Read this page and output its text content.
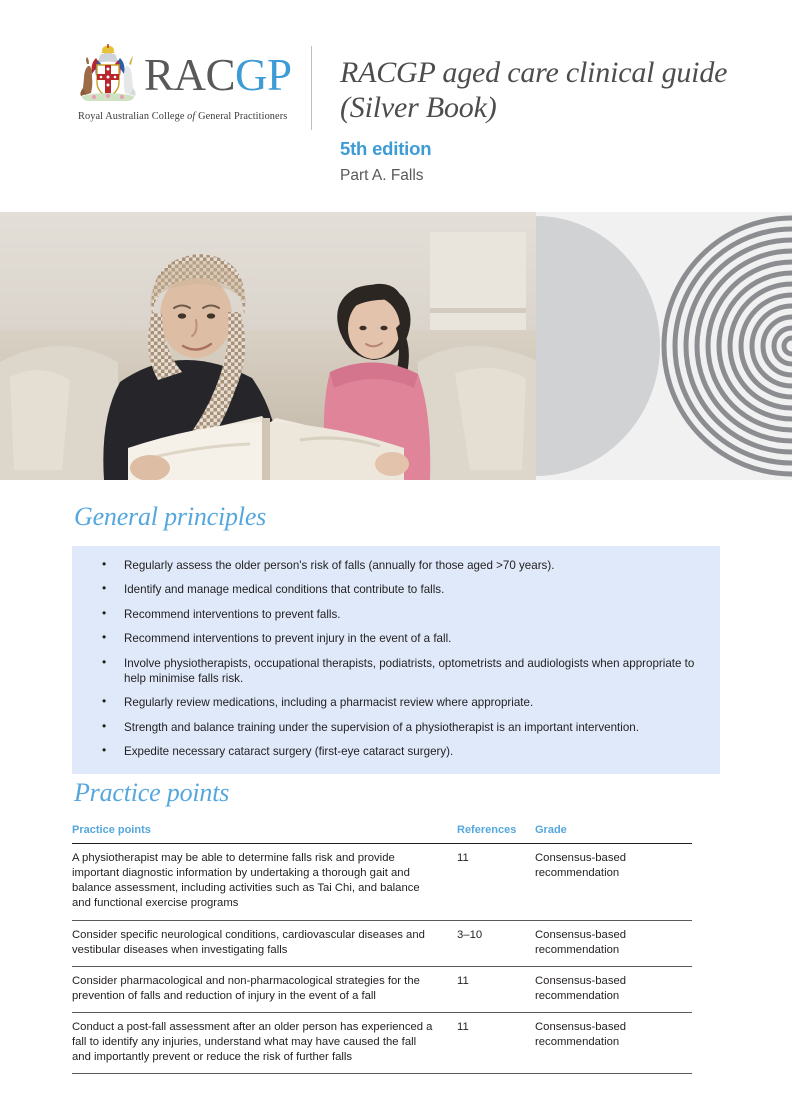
RACGP
Royal Australian College of General Practitioners
RACGP aged care clinical guide (Silver Book)
5th edition
Part A. Falls
General principles
• Regularly assess the older person's risk of falls (annually for those aged >70 years).
• Identify and manage medical conditions that contribute to falls.
• Recommend interventions to prevent falls.
• Recommend interventions to prevent injury in the event of a fall.
• Involve physiotherapists, occupational therapists, podiatrists, optometrists and audiologists when appropriate to help minimise falls risk.
• Regularly review medications, including a pharmacist review where appropriate.
• Strength and balance training under the supervision of a physiotherapist is an important intervention.
• Expedite necessary cataract surgery (first-eye cataract surgery).
Practice points
Practice points	References	Grade
A physiotherapist may be able to determine falls risk and provide important diagnostic information by undertaking a thorough gait and balance assessment, including activities such as Tai Chi, and balance and functional exercise programs	11	Consensus-based recommendation
Consider specific neurological conditions, cardiovascular diseases and vestibular diseases when investigating falls	3–10	Consensus-based recommendation
Consider pharmacological and non-pharmacological strategies for the prevention of falls and reduction of injury in the event of a fall	11	Consensus-based recommendation
Conduct a post-fall assessment after an older person has experienced a fall to identify any injuries, understand what may have caused the fall and importantly prevent or reduce the risk of further falls	11	Consensus-based recommendation
